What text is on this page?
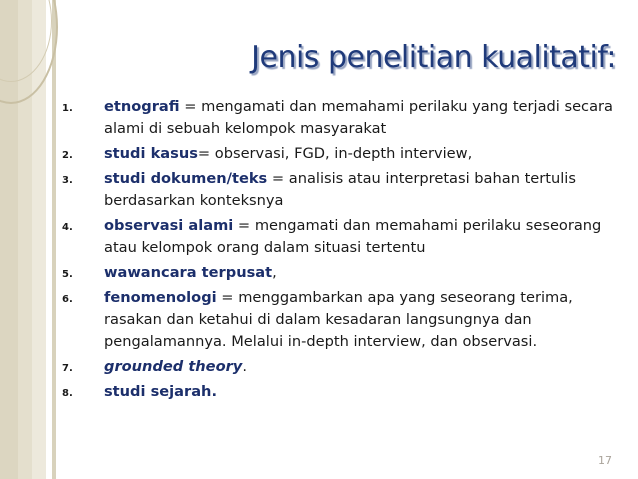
Jenis penelitian kualitatif:
1. etnografi = mengamati dan memahami perilaku yang terjadi secara alami di sebuah kelompok masyarakat
2. studi kasus= observasi, FGD, in-depth interview,
3. studi dokumen/teks = analisis atau interpretasi bahan tertulis berdasarkan konteksnya
4. observasi alami = mengamati dan memahami perilaku seseorang atau kelompok orang dalam situasi tertentu
5. wawancara terpusat,
6. fenomenologi = menggambarkan apa yang seseorang terima, rasakan dan ketahui di dalam kesadaran langsungnya dan pengalamannya. Melalui in-depth interview, dan observasi.
7. grounded theory.
8. studi sejarah.
17
